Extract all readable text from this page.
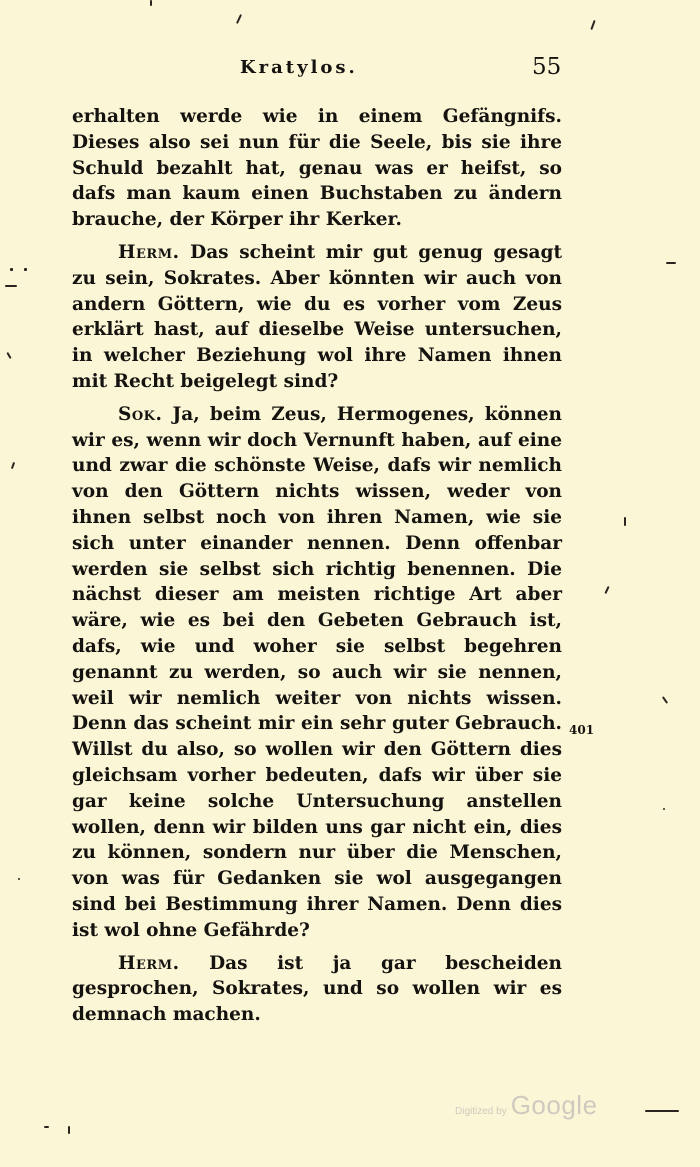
Kratylos.	55

erhalten werde wie in einem Gefängnifs. Dieses also sei nun für die Seele, bis sie ihre Schuld bezahlt hat, genau was er heifst, so dafs man kaum einen Buchstaben zu ändern brauche, der Körper ihr Kerker.

Herm. Das scheint mir gut genug gesagt zu sein, Sokrates. Aber könnten wir auch von andern Göttern, wie du es vorher vom Zeus erklärt hast, auf dieselbe Weise untersuchen, in welcher Beziehung wol ihre Namen ihnen mit Recht beigelegt sind?

Sok. Ja, beim Zeus, Hermogenes, können wir es, wenn wir doch Vernunft haben, auf eine und zwar die schönste Weise, dafs wir nemlich von den Göttern nichts wissen, weder von ihnen selbst noch von ihren Namen, wie sie sich unter einander nennen. Denn offenbar werden sie selbst sich richtig benennen. Die nächst dieser am meisten richtige Art aber wäre, wie es bei den Gebeten Gebrauch ist, dafs, wie und woher sie selbst begehren genannt zu werden, so auch wir sie nennen, weil wir nemlich weiter von nichts wissen. Denn das scheint mir ein sehr guter Gebrauch. Willst du also, so wollen wir den Göttern dies gleichsam vorher bedeuten, dafs wir über sie gar keine solche Untersuchung anstellen wollen, denn wir bilden uns gar nicht ein, dies zu können, sondern nur über die Menschen, von was für Gedanken sie wol ausgegangen sind bei Bestimmung ihrer Namen. Denn dies ist wol ohne Gefährde?

Herm. Das ist ja gar bescheiden gesprochen, Sokrates, und so wollen wir es demnach machen.

401
Digitized by Google
